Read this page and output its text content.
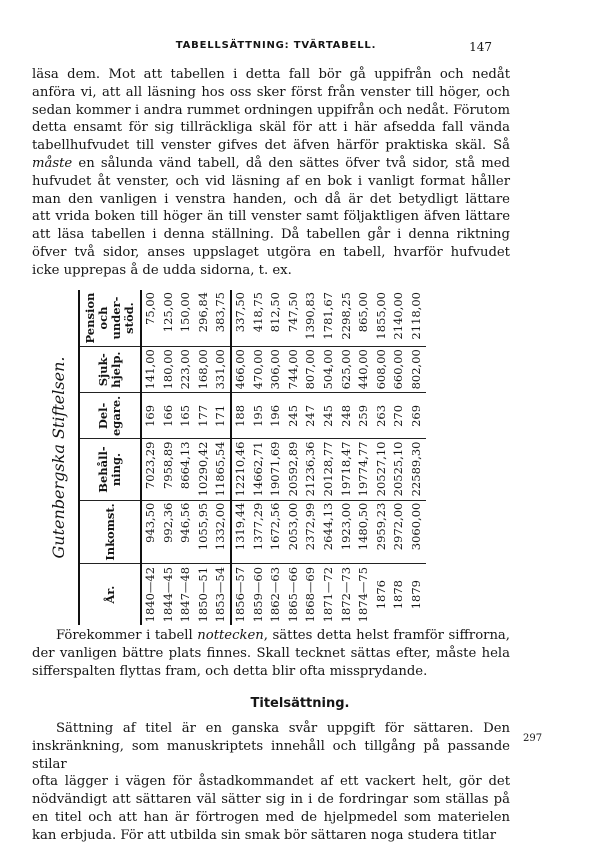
TABELLSÄTTNING: TVÄRTABELL.	147
läsa dem. Mot att tabellen i detta fall bör gå uppifrån och nedåt
anföra vi, att all läsning hos oss sker först från venster till höger, och
sedan kommer i andra rummet ordningen uppifrån och nedåt. Förutom
detta ensamt för sig tillräckliga skäl för att i här afsedda fall vända
tabellhufvudet till venster gifves det äfven härför praktiska skäl. Så
måste en sålunda vänd tabell, då den sättes öfver två sidor, stå med
hufvudet åt venster, och vid läsning af en bok i vanligt format håller
man den vanligen i venstra handen, och då är det betydligt lättare
att vrida boken till höger än till venster samt följaktligen äfven lättare
att läsa tabellen i denna ställning. Då tabellen går i denna riktning
öfver två sidor, anses uppslaget utgöra en tabell, hvarför hufvudet
icke upprepas å de udda sidorna, t. ex.
Gutenbergska Stiftelsen.
År.	Inkomst.	Behåll-
ning.	Del-
egare.	Sjuk-
hjelp.	Pension
och
under-
stöd.
1840—42	943,50	7023,29	169	141,00	75,00
1844—45	992,36	7958,89	166	180,00	125,00
1847—48	946,56	8664,13	165	223,00	150,00
1850—51	1055,95	10290,42	177	168,00	296,84
1853—54	1332,00	11865,54	171	331,00	383,75
1856—57	1319,44	12210,46	188	466,00	337,50
1859—60	1377,29	14662,71	195	470,00	418,75
1862—63	1672,56	19071,69	196	306,00	812,50
1865—66	2053,00	20592,89	245	744,00	747,50
1868—69	2372,99	21236,36	247	807,00	1390,83
1871—72	2644,13	20128,77	245	504,00	1781,67
1872—73	1923,00	19718,47	248	625,00	2298,25
1874—75	1480,50	19774,77	259	440,00	865,00
1876	2959,23	20527,10	263	608,00	1855,00
1878	2972,00	20525,10	270	660,00	2140,00
1879	3060,00	22589,30	269	802,00	2118,00
Förekommer i tabell nottecken, sättes detta helst framför siffrorna,
der vanligen bättre plats finnes. Skall tecknet sättas efter, måste hela
sifferspalten flyttas fram, och detta blir ofta missprydande.
Titelsättning.
297
Sättning af titel är en ganska svår uppgift för sättaren. Den
inskränkning, som manuskriptets innehåll och tillgång på passande stilar
ofta lägger i vägen för åstadkommandet af ett vackert helt, gör det
nödvändigt att sättaren väl sätter sig in i de fordringar som ställas på
en titel och att han är förtrogen med de hjelpmedel som materielen
kan erbjuda. För att utbilda sin smak bör sättaren noga studera titlar
